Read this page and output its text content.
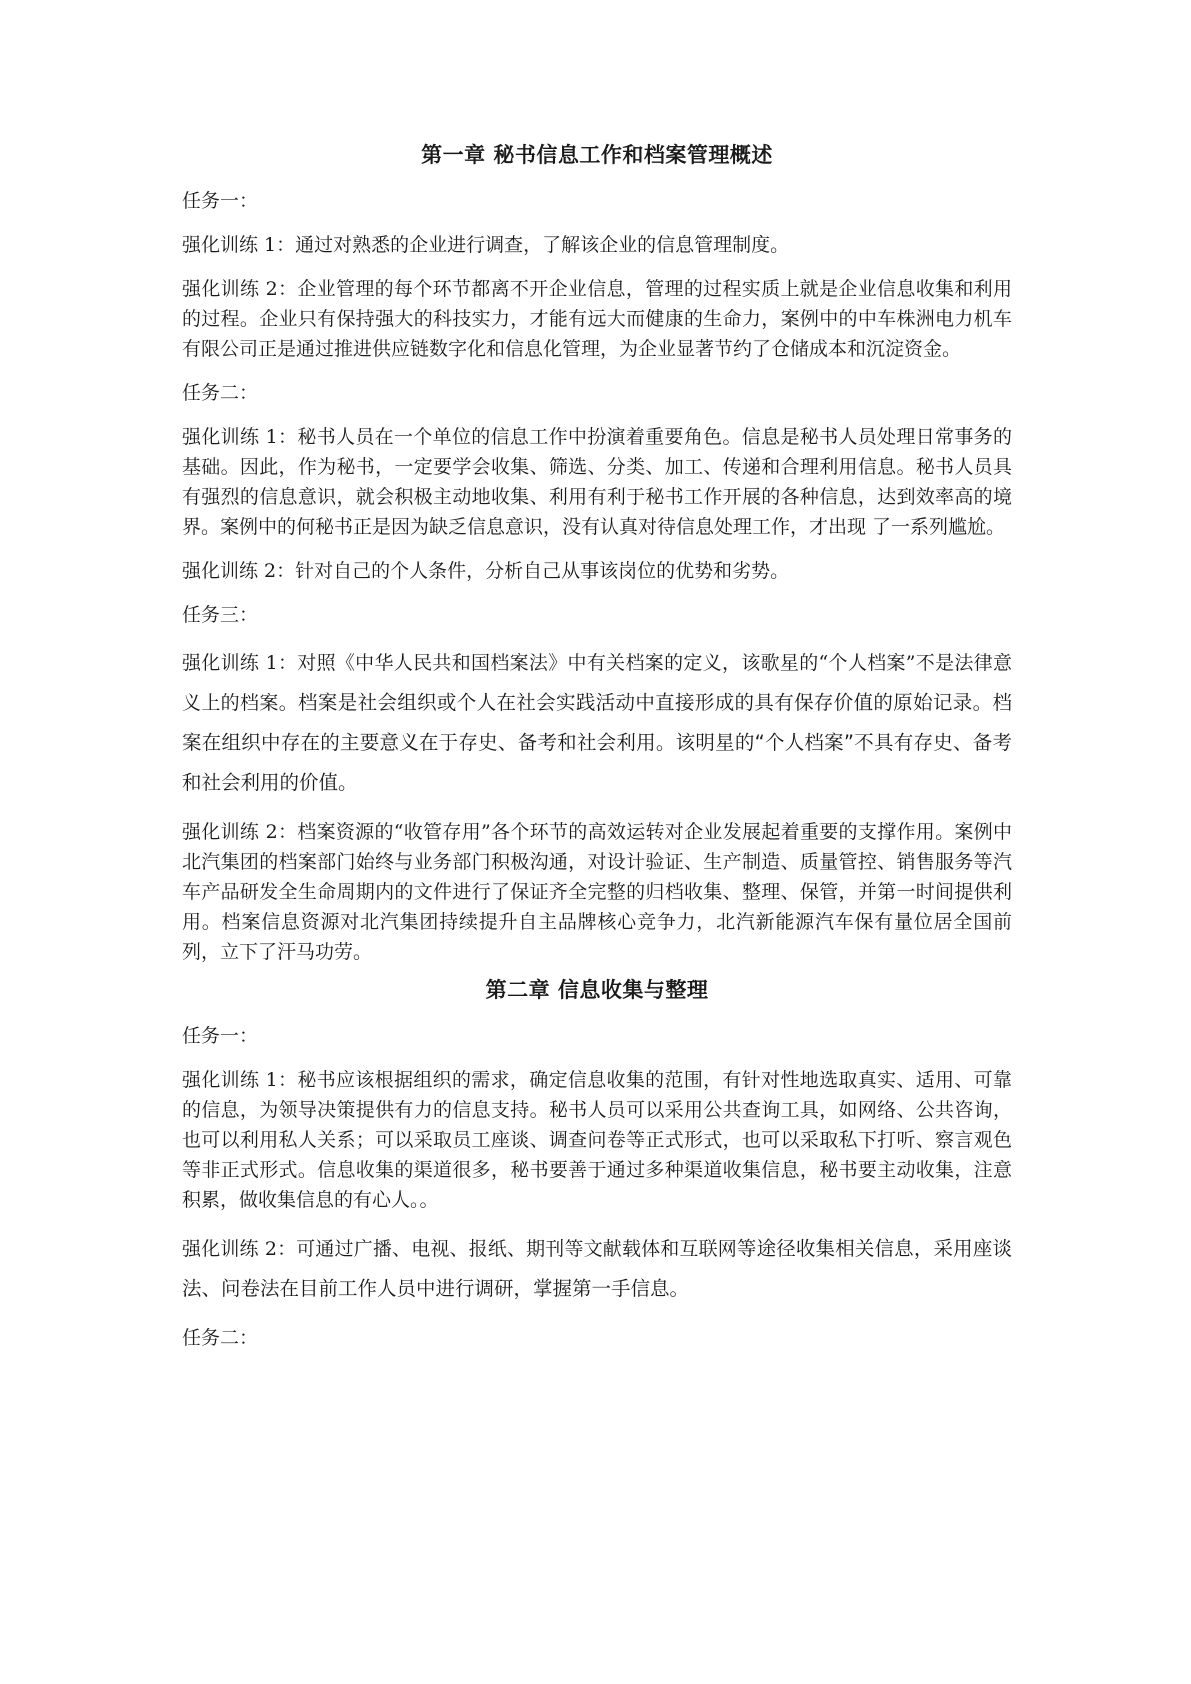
第一章 秘书信息工作和档案管理概述
任务一：
强化训练 1：通过对熟悉的企业进行调查，了解该企业的信息管理制度。
强化训练 2：企业管理的每个环节都离不开企业信息，管理的过程实质上就是企业信息收集和利用的过程。企业只有保持强大的科技实力，才能有远大而健康的生命力，案例中的中车株洲电力机车有限公司正是通过推进供应链数字化和信息化管理，为企业显著节约了仓储成本和沉淀资金。
任务二：
强化训练 1：秘书人员在一个单位的信息工作中扮演着重要角色。信息是秘书人员处理日常事务的基础。因此，作为秘书，一定要学会收集、筛选、分类、加工、传递和合理利用信息。秘书人员具有强烈的信息意识，就会积极主动地收集、利用有利于秘书工作开展的各种信息，达到效率高的境界。案例中的何秘书正是因为缺乏信息意识，没有认真对待信息处理工作，才出现 了一系列尴尬。
强化训练 2：针对自己的个人条件，分析自己从事该岗位的优势和劣势。
任务三：
强化训练 1：对照《中华人民共和国档案法》中有关档案的定义，该歌星的“个人档案”不是法律意义上的档案。档案是社会组织或个人在社会实践活动中直接形成的具有保存价值的原始记录。档案在组织中存在的主要意义在于存史、备考和社会利用。该明星的“个人档案”不具有存史、备考和社会利用的价值。
强化训练 2：档案资源的“收管存用”各个环节的高效运转对企业发展起着重要的支撑作用。案例中北汽集团的档案部门始终与业务部门积极沟通，对设计验证、生产制造、质量管控、销售服务等汽车产品研发全生命周期内的文件进行了保证齐全完整的归档收集、整理、保管，并第一时间提供利用。档案信息资源对北汽集团持续提升自主品牌核心竞争力，北汽新能源汽车保有量位居全国前列，立下了汗马功劳。
第二章 信息收集与整理
任务一：
强化训练 1：秘书应该根据组织的需求，确定信息收集的范围，有针对性地选取真实、适用、可靠的信息，为领导决策提供有力的信息支持。秘书人员可以采用公共查询工具，如网络、公共咨询，也可以利用私人关系；可以采取员工座谈、调查问卷等正式形式，也可以采取私下打听、察言观色等非正式形式。信息收集的渠道很多，秘书要善于通过多种渠道收集信息，秘书要主动收集，注意积累，做收集信息的有心人。。
强化训练 2：可通过广播、电视、报纸、期刊等文献载体和互联网等途径收集相关信息，采用座谈法、问卷法在目前工作人员中进行调研，掌握第一手信息。
任务二：
